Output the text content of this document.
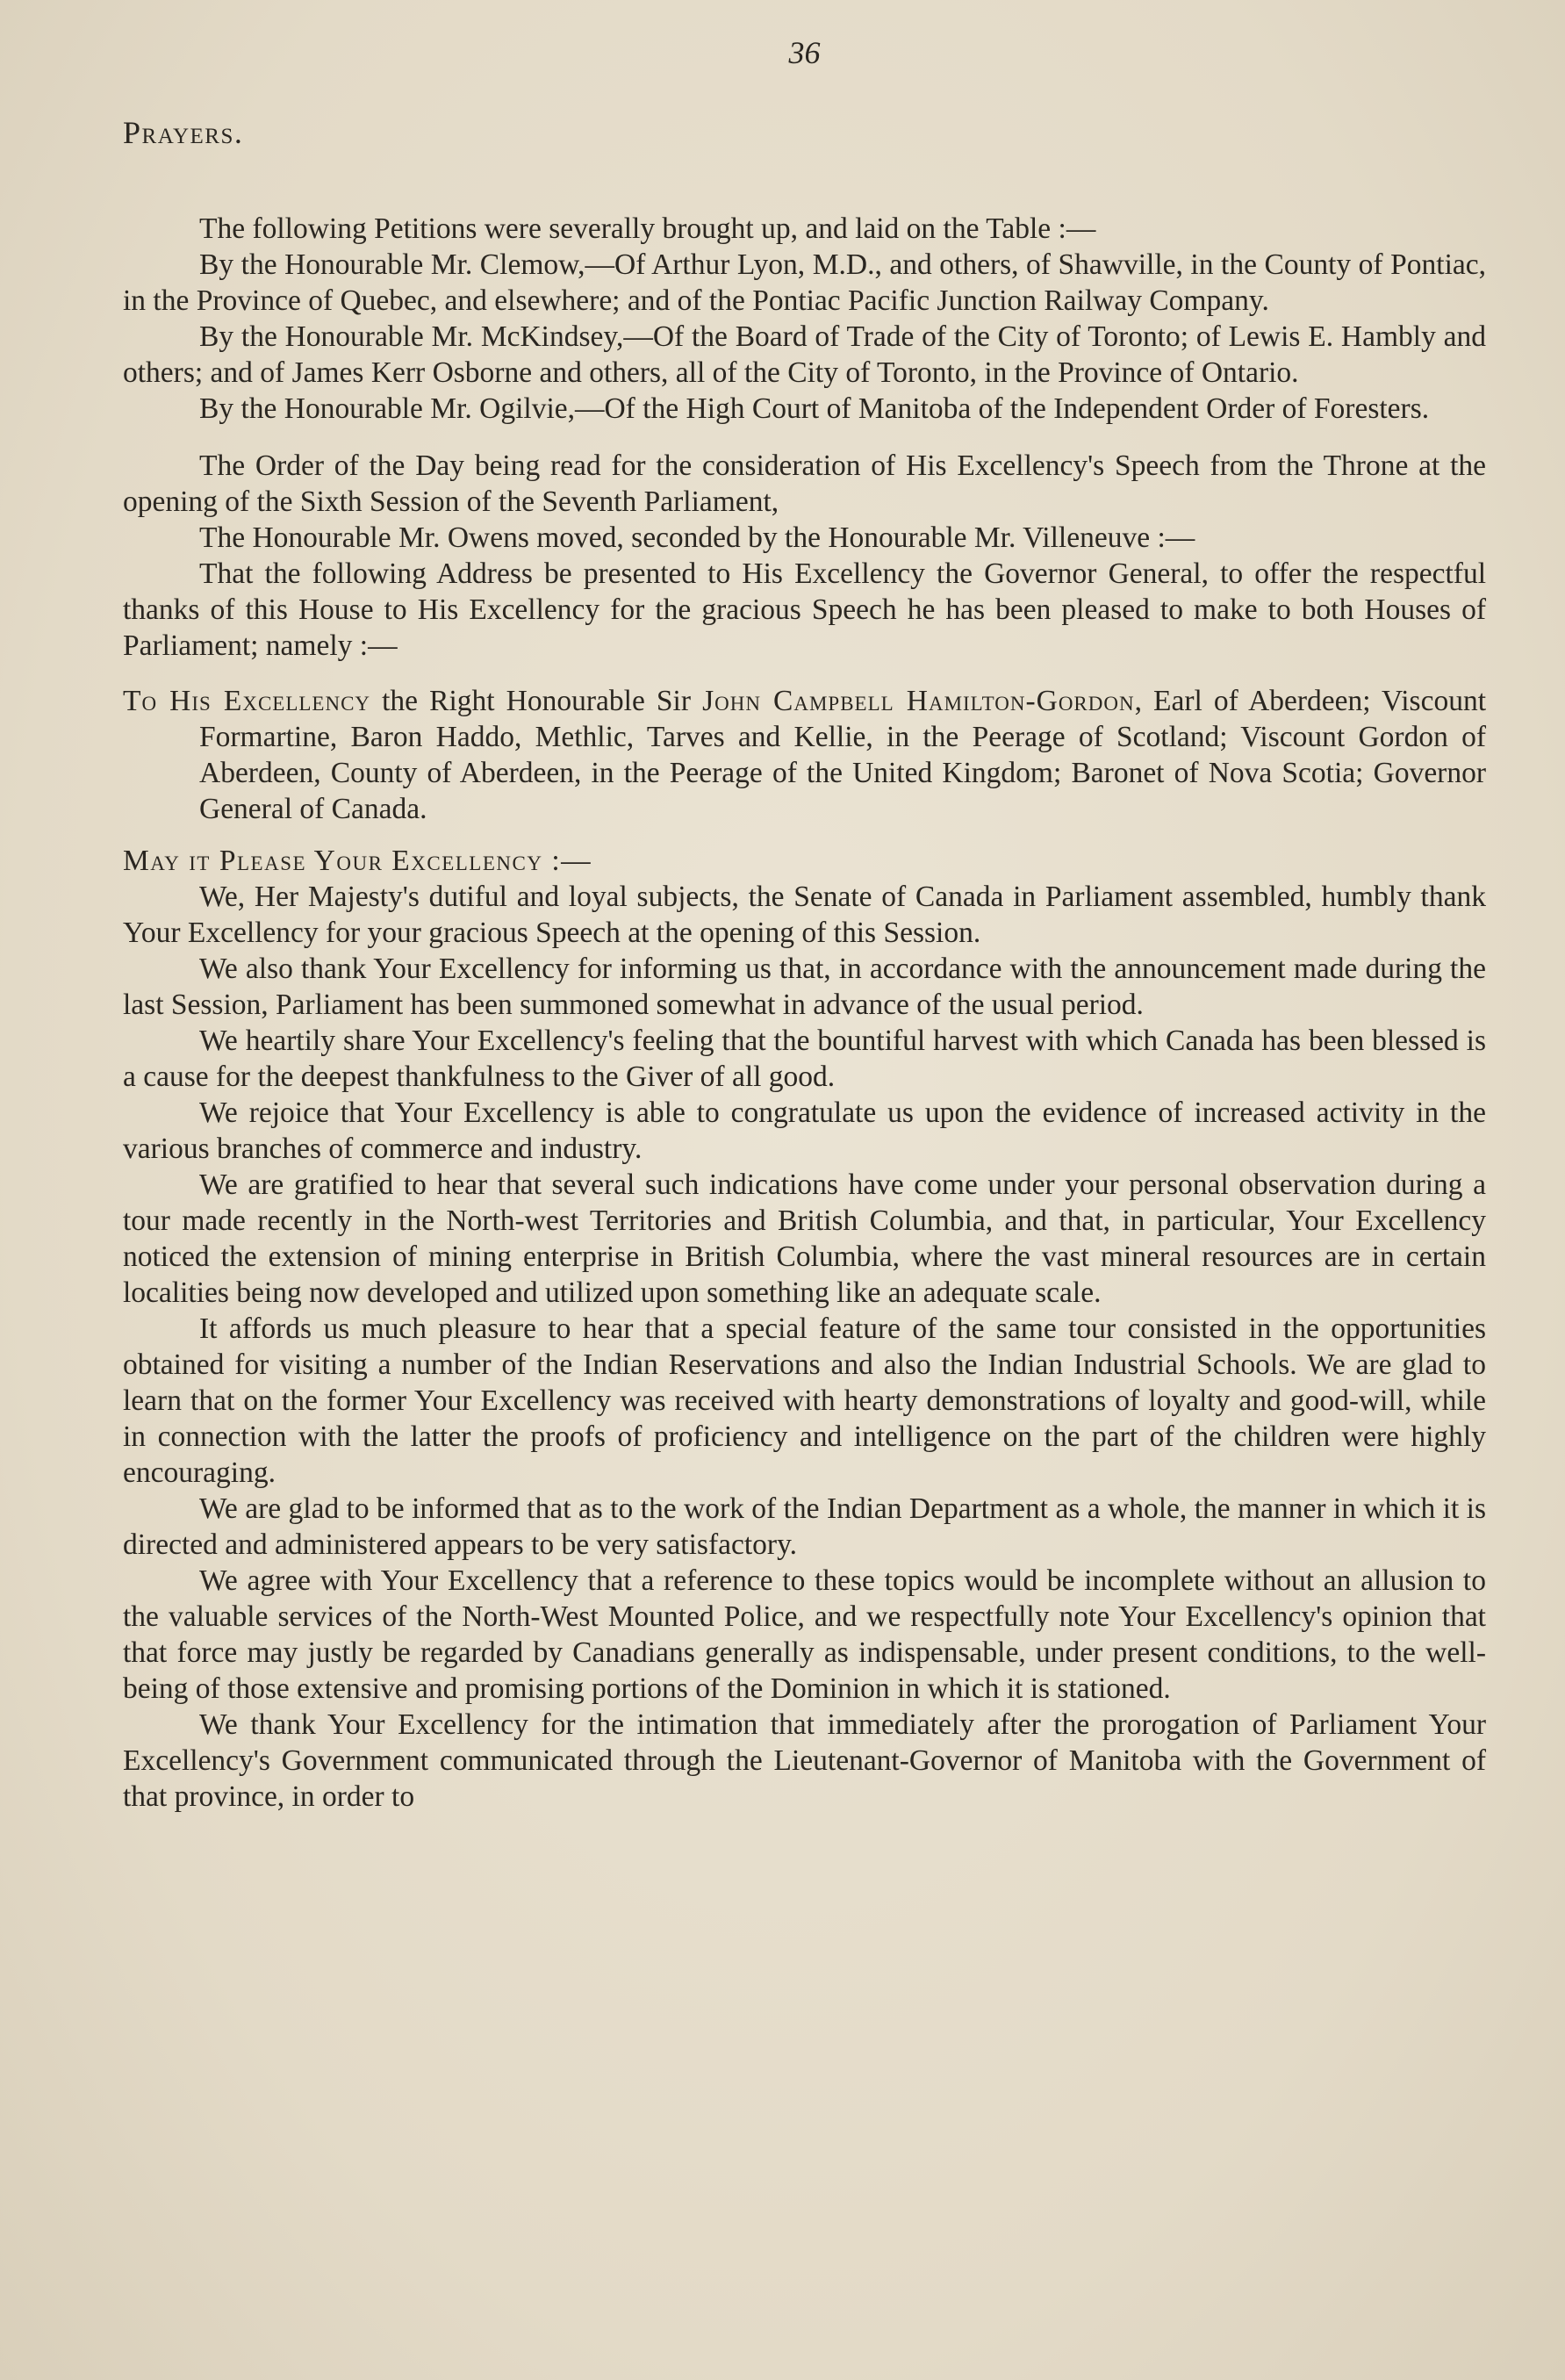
36
Prayers.

The following Petitions were severally brought up, and laid on the Table :—

By the Honourable Mr. Clemow,—Of Arthur Lyon, M.D., and others, of Shawville, in the County of Pontiac, in the Province of Quebec, and elsewhere; and of the Pontiac Pacific Junction Railway Company.

By the Honourable Mr. McKindsey,—Of the Board of Trade of the City of Toronto; of Lewis E. Hambly and others; and of James Kerr Osborne and others, all of the City of Toronto, in the Province of Ontario.

By the Honourable Mr. Ogilvie,—Of the High Court of Manitoba of the Independent Order of Foresters.

The Order of the Day being read for the consideration of His Excellency's Speech from the Throne at the opening of the Sixth Session of the Seventh Parliament,

The Honourable Mr. Owens moved, seconded by the Honourable Mr. Villeneuve :—

That the following Address be presented to His Excellency the Governor General, to offer the respectful thanks of this House to His Excellency for the gracious Speech he has been pleased to make to both Houses of Parliament; namely :—

To His Excellency the Right Honourable Sir John Campbell Hamilton-Gordon, Earl of Aberdeen; Viscount Formartine, Baron Haddo, Methlic, Tarves and Kellie, in the Peerage of Scotland; Viscount Gordon of Aberdeen, County of Aberdeen, in the Peerage of the United Kingdom; Baronet of Nova Scotia; Governor General of Canada.

May it Please Your Excellency :—

We, Her Majesty's dutiful and loyal subjects, the Senate of Canada in Parliament assembled, humbly thank Your Excellency for your gracious Speech at the opening of this Session.

We also thank Your Excellency for informing us that, in accordance with the announcement made during the last Session, Parliament has been summoned somewhat in advance of the usual period.

We heartily share Your Excellency's feeling that the bountiful harvest with which Canada has been blessed is a cause for the deepest thankfulness to the Giver of all good.

We rejoice that Your Excellency is able to congratulate us upon the evidence of increased activity in the various branches of commerce and industry.

We are gratified to hear that several such indications have come under your personal observation during a tour made recently in the North-west Territories and British Columbia, and that, in particular, Your Excellency noticed the extension of mining enterprise in British Columbia, where the vast mineral resources are in certain localities being now developed and utilized upon something like an adequate scale.

It affords us much pleasure to hear that a special feature of the same tour consisted in the opportunities obtained for visiting a number of the Indian Reservations and also the Indian Industrial Schools. We are glad to learn that on the former Your Excellency was received with hearty demonstrations of loyalty and good-will, while in connection with the latter the proofs of proficiency and intelligence on the part of the children were highly encouraging.

We are glad to be informed that as to the work of the Indian Department as a whole, the manner in which it is directed and administered appears to be very satisfactory.

We agree with Your Excellency that a reference to these topics would be incomplete without an allusion to the valuable services of the North-West Mounted Police, and we respectfully note Your Excellency's opinion that that force may justly be regarded by Canadians generally as indispensable, under present conditions, to the well-being of those extensive and promising portions of the Dominion in which it is stationed.

We thank Your Excellency for the intimation that immediately after the prorogation of Parliament Your Excellency's Government communicated through the Lieutenant-Governor of Manitoba with the Government of that province, in order to
